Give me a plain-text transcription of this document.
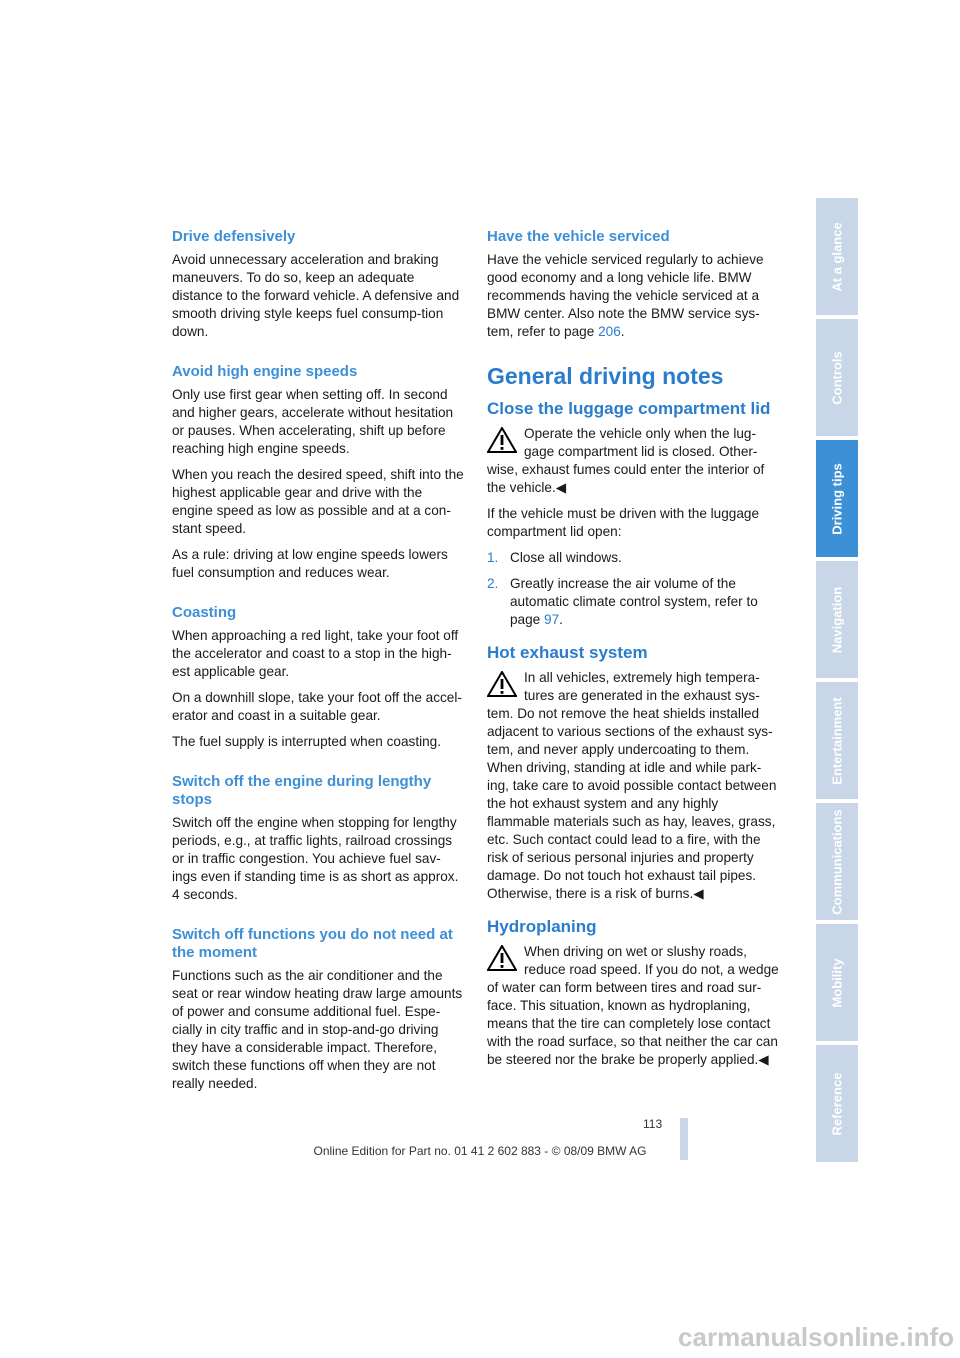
Drive defensively

Avoid unnecessary acceleration and braking maneuvers. To do so, keep an adequate distance to the forward vehicle. A defensive and smooth driving style keeps fuel consump-tion down.

Avoid high engine speeds

Only use first gear when setting off. In second and higher gears, accelerate without hesitation or pauses. When accelerating, shift up before reaching high engine speeds.

When you reach the desired speed, shift into the highest applicable gear and drive with the engine speed as low as possible and at a con-stant speed.

As a rule: driving at low engine speeds lowers fuel consumption and reduces wear.

Coasting

When approaching a red light, take your foot off the accelerator and coast to a stop in the high-est applicable gear.

On a downhill slope, take your foot off the accel-erator and coast in a suitable gear.

The fuel supply is interrupted when coasting.

Switch off the engine during lengthy stops

Switch off the engine when stopping for lengthy periods, e.g., at traffic lights, railroad crossings or in traffic congestion. You achieve fuel sav-ings even if standing time is as short as approx. 4 seconds.

Switch off functions you do not need at the moment

Functions such as the air conditioner and the seat or rear window heating draw large amounts of power and consume additional fuel. Espe-cially in city traffic and in stop-and-go driving they have a considerable impact. Therefore, switch these functions off when they are not really needed.

Have the vehicle serviced

Have the vehicle serviced regularly to achieve good economy and a long vehicle life. BMW recommends having the vehicle serviced at a BMW center. Also note the BMW service sys-tem, refer to page 206.

General driving notes
Close the luggage compartment lid
Operate the vehicle only when the lug-gage compartment lid is closed. Other-wise, exhaust fumes could enter the interior of the vehicle.◀

If the vehicle must be driven with the luggage compartment lid open:

1. Close all windows.
2. Greatly increase the air volume of the automatic climate control system, refer to page 97.
Hot exhaust system
In all vehicles, extremely high tempera-tures are generated in the exhaust sys-tem. Do not remove the heat shields installed adjacent to various sections of the exhaust sys-tem, and never apply undercoating to them. When driving, standing at idle and while park-ing, take care to avoid possible contact between the hot exhaust system and any highly flammable materials such as hay, leaves, grass, etc. Such contact could lead to a fire, with the risk of serious personal injuries and property damage. Do not touch hot exhaust tail pipes. Otherwise, there is a risk of burns.◀
Hydroplaning
When driving on wet or slushy roads, reduce road speed. If you do not, a wedge of water can form between tires and road sur-face. This situation, known as hydroplaning, means that the tire can completely lose contact with the road surface, so that neither the car can be steered nor the brake be properly applied.◀
At a glance
Controls
Driving tips
Navigation
Entertainment
Communications
Mobility
Reference
113
Online Edition for Part no. 01 41 2 602 883 - © 08/09 BMW AG
carmanualsonline.info
